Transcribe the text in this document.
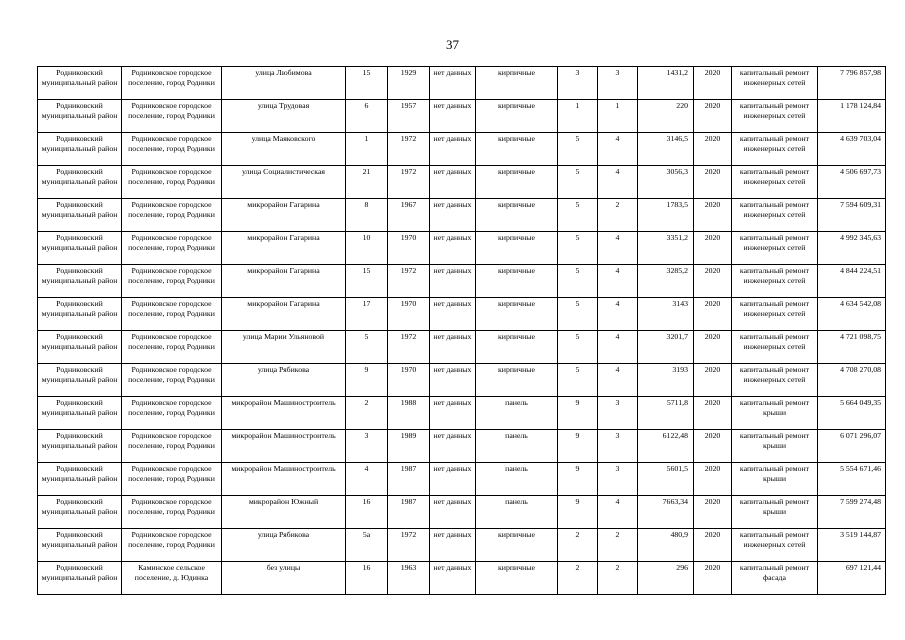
37
Родниковский муниципальный район	Родниковское городское поселение, город Родники	улица Любимова	15	1929	нет данных	кирпичные	3	3	1431,2	2020	капитальный ремонт инженерных сетей	7 796 857,98
Родниковский муниципальный район	Родниковское городское поселение, город Родники	улица Трудовая	6	1957	нет данных	кирпичные	1	1	220	2020	капитальный ремонт инженерных сетей	1 178 124,84
Родниковский муниципальный район	Родниковское городское поселение, город Родники	улица Маяковского	1	1972	нет данных	кирпичные	5	4	3146,5	2020	капитальный ремонт инженерных сетей	4 639 703,04
Родниковский муниципальный район	Родниковское городское поселение, город Родники	улица Социалистическая	21	1972	нет данных	кирпичные	5	4	3056,3	2020	капитальный ремонт инженерных сетей	4 506 697,73
Родниковский муниципальный район	Родниковское городское поселение, город Родники	микрорайон Гагарина	8	1967	нет данных	кирпичные	5	2	1783,5	2020	капитальный ремонт инженерных сетей	7 594 609,31
Родниковский муниципальный район	Родниковское городское поселение, город Родники	микрорайон Гагарина	10	1970	нет данных	кирпичные	5	4	3351,2	2020	капитальный ремонт инженерных сетей	4 992 345,63
Родниковский муниципальный район	Родниковское городское поселение, город Родники	микрорайон Гагарина	15	1972	нет данных	кирпичные	5	4	3285,2	2020	капитальный ремонт инженерных сетей	4 844 224,51
Родниковский муниципальный район	Родниковское городское поселение, город Родники	микрорайон Гагарина	17	1970	нет данных	кирпичные	5	4	3143	2020	капитальный ремонт инженерных сетей	4 634 542,08
Родниковский муниципальный район	Родниковское городское поселение, город Родники	улица Марии Ульяновой	5	1972	нет данных	кирпичные	5	4	3201,7	2020	капитальный ремонт инженерных сетей	4 721 098,75
Родниковский муниципальный район	Родниковское городское поселение, город Родники	улица Рябикова	9	1970	нет данных	кирпичные	5	4	3193	2020	капитальный ремонт инженерных сетей	4 708 270,08
Родниковский муниципальный район	Родниковское городское поселение, город Родники	микрорайон Машиностроитель	2	1988	нет данных	панель	9	3	5711,8	2020	капитальный ремонт крыши	5 664 049,35
Родниковский муниципальный район	Родниковское городское поселение, город Родники	микрорайон Машиностроитель	3	1989	нет данных	панель	9	3	6122,48	2020	капитальный ремонт крыши	6 071 296,07
Родниковский муниципальный район	Родниковское городское поселение, город Родники	микрорайон Машиностроитель	4	1987	нет данных	панель	9	3	5601,5	2020	капитальный ремонт крыши	5 554 671,46
Родниковский муниципальный район	Родниковское городское поселение, город Родники	микрорайон Южный	16	1987	нет данных	панель	9	4	7663,34	2020	капитальный ремонт крыши	7 599 274,48
Родниковский муниципальный район	Родниковское городское поселение, город Родники	улица Рябикова	5а	1972	нет данных	кирпичные	2	2	480,9	2020	капитальный ремонт инженерных сетей	3 519 144,87
Родниковский муниципальный район	Каминское сельское поселение, д. Юдинка	без улицы	16	1963	нет данных	кирпичные	2	2	296	2020	капитальный ремонт фасада	697 121,44
